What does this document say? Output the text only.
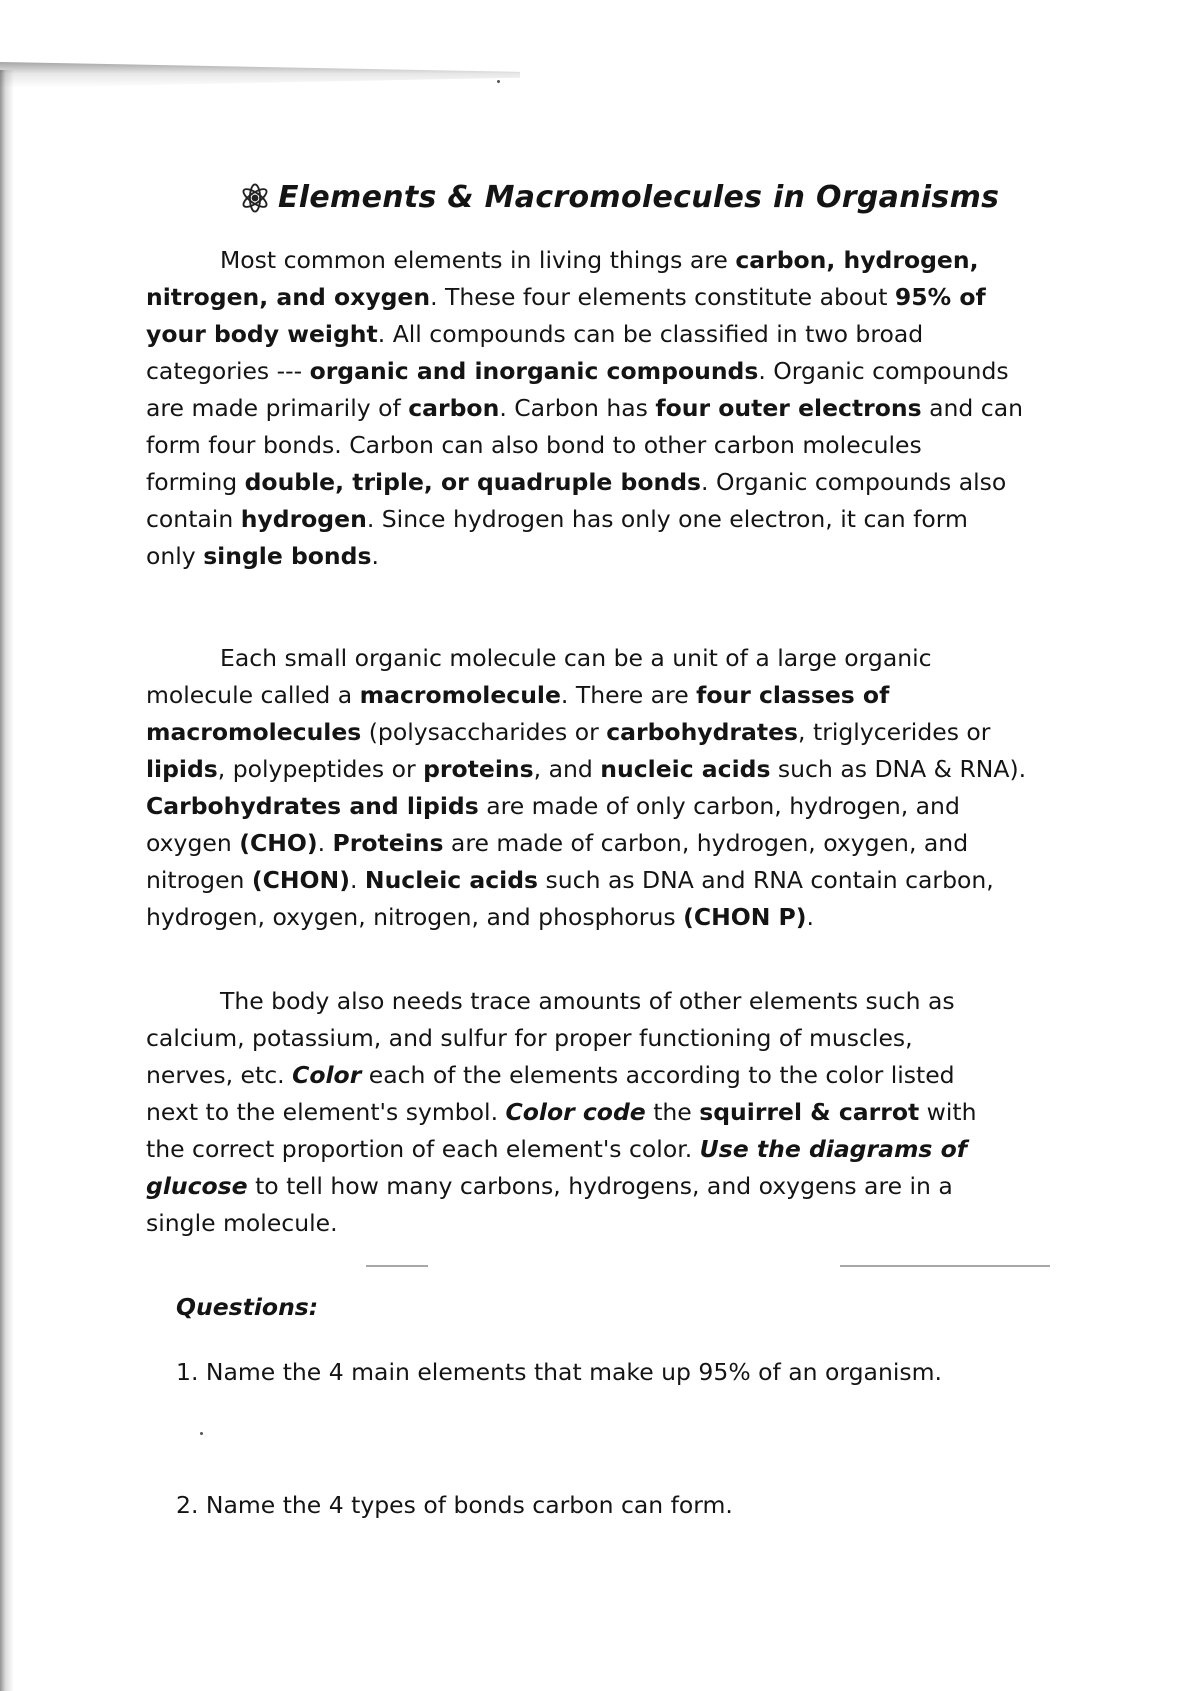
Elements & Macromolecules in Organisms
Most common elements in living things are carbon, hydrogen,
nitrogen, and oxygen. These four elements constitute about 95% of
your body weight. All compounds can be classified in two broad
categories --- organic and inorganic compounds. Organic compounds
are made primarily of carbon. Carbon has four outer electrons and can
form four bonds. Carbon can also bond to other carbon molecules
forming double, triple, or quadruple bonds. Organic compounds also
contain hydrogen. Since hydrogen has only one electron, it can form
only single bonds.
Each small organic molecule can be a unit of a large organic
molecule called a macromolecule. There are four classes of
macromolecules (polysaccharides or carbohydrates, triglycerides or
lipids, polypeptides or proteins, and nucleic acids such as DNA & RNA).
Carbohydrates and lipids are made of only carbon, hydrogen, and
oxygen (CHO). Proteins are made of carbon, hydrogen, oxygen, and
nitrogen (CHON). Nucleic acids such as DNA and RNA contain carbon,
hydrogen, oxygen, nitrogen, and phosphorus (CHON P).
The body also needs trace amounts of other elements such as
calcium, potassium, and sulfur for proper functioning of muscles,
nerves, etc. Color each of the elements according to the color listed
next to the element's symbol. Color code the squirrel & carrot with
the correct proportion of each element's color. Use the diagrams of
glucose to tell how many carbons, hydrogens, and oxygens are in a
single molecule.
Questions:
1. Name the 4 main elements that make up 95% of an organism.
2. Name the 4 types of bonds carbon can form.
